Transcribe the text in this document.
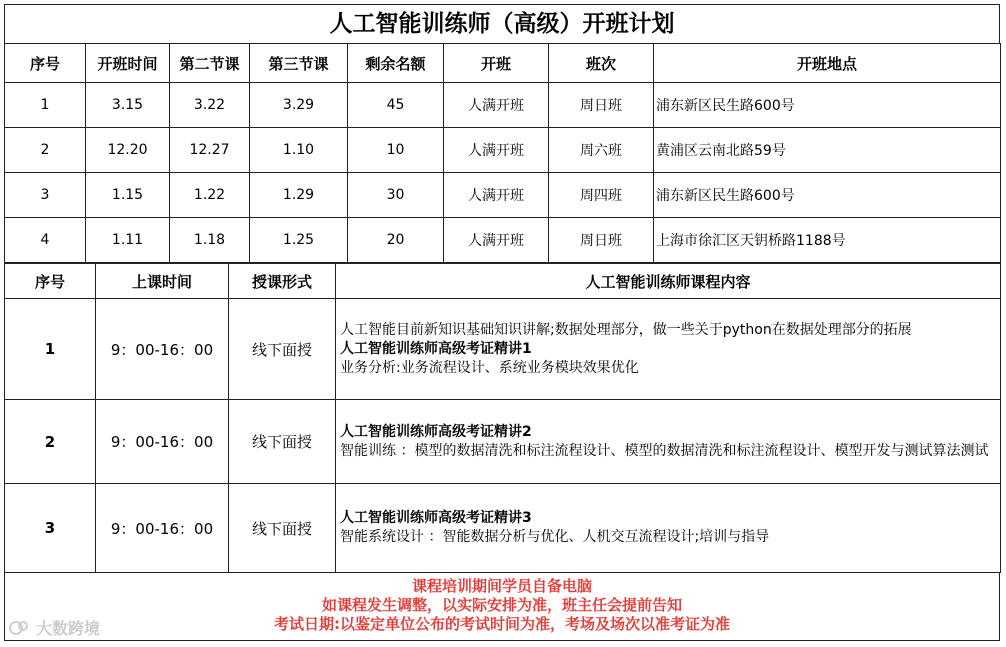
人工智能训练师（高级）开班计划
序号	开班时间	第二节课	第三节课	剩余名额	开班	班次	开班地点
1	3.15	3.22	3.29	45	人满开班	周日班	浦东新区民生路600号
2	12.20	12.27	1.10	10	人满开班	周六班	黄浦区云南北路59号
3	1.15	1.22	1.29	30	人满开班	周四班	浦东新区民生路600号
4	1.11	1.18	1.25	20	人满开班	周日班	上海市徐汇区天钥桥路1188号
序号	上课时间	授课形式	人工智能训练师课程内容
1	9：00-16：00	线下面授	人工智能目前新知识基础知识讲解;数据处理部分，做一些关于python在数据处理部分的拓展
人工智能训练师高级考证精讲1
业务分析:业务流程设计、系统业务模块效果优化

2	9：00-16：00	线下面授	人工智能训练师高级考证精讲2
智能训练 ：模型的数据清洗和标注流程设计、模型的数据清洗和标注流程设计、模型开发与测试算法测试

3	9：00-16：00	线下面授	人工智能训练师高级考证精讲3
智能系统设计 ：智能数据分析与优化、人机交互流程设计;培训与指导
课程培训期间学员自备电脑
如课程发生调整，以实际安排为准，班主任会提前告知
考试日期:以鉴定单位公布的考试时间为准，考场及场次以准考证为准
大数跨境
